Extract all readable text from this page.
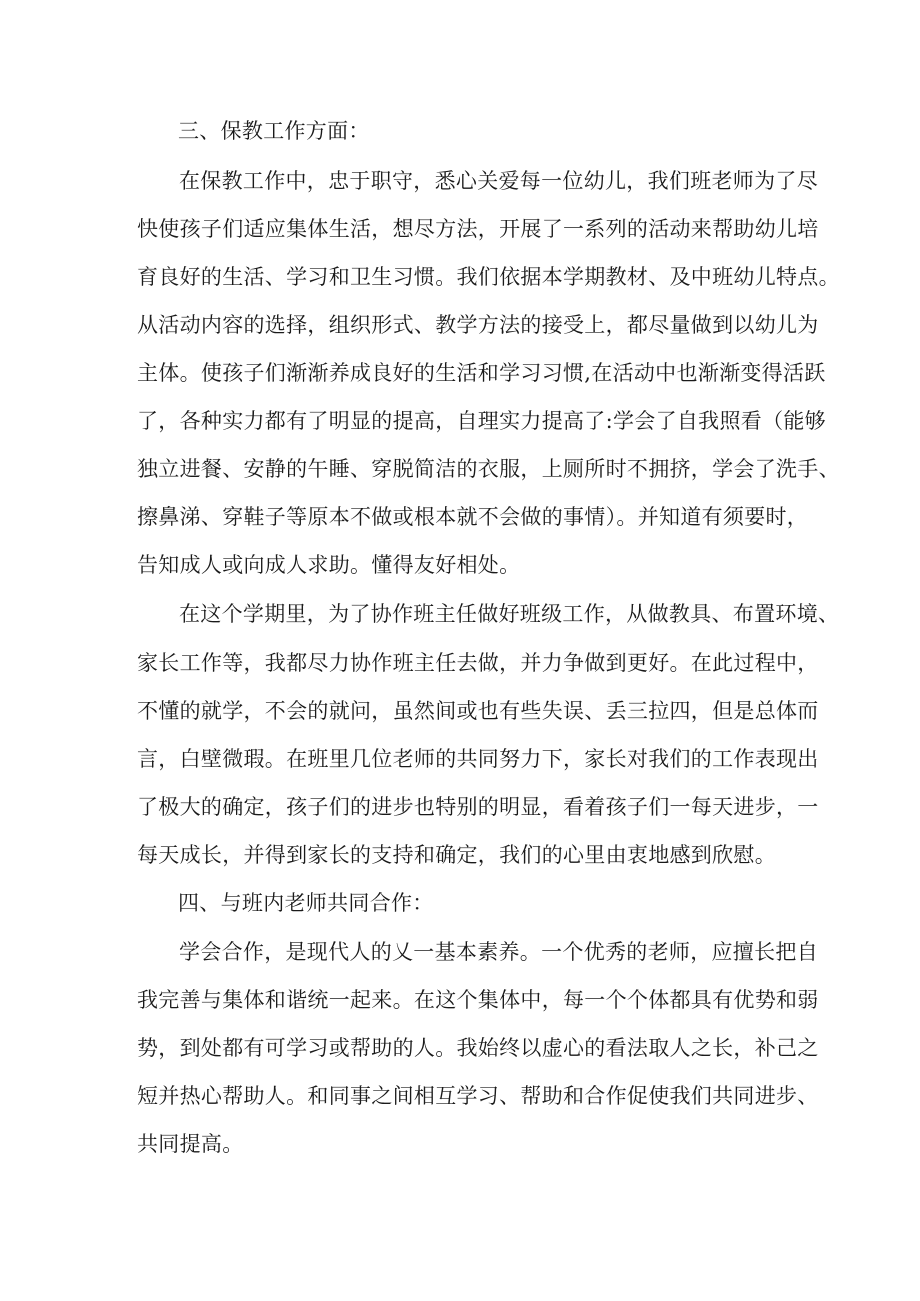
三、保教工作方面：
在保教工作中，忠于职守，悉心关爱每一位幼儿，我们班老师为了尽
快使孩子们适应集体生活，想尽方法，开展了一系列的活动来帮助幼儿培
育良好的生活、学习和卫生习惯。我们依据本学期教材、及中班幼儿特点。
从活动内容的选择，组织形式、教学方法的接受上，都尽量做到以幼儿为
主体。使孩子们渐渐养成良好的生活和学习习惯,在活动中也渐渐变得活跃
了，各种实力都有了明显的提高，自理实力提高了:学会了自我照看（能够
独立进餐、安静的午睡、穿脱简洁的衣服，上厕所时不拥挤，学会了洗手、
擦鼻涕、穿鞋子等原本不做或根本就不会做的事情）。并知道有须要时，
告知成人或向成人求助。懂得友好相处。
在这个学期里，为了协作班主任做好班级工作，从做教具、布置环境、
家长工作等，我都尽力协作班主任去做，并力争做到更好。在此过程中，
不懂的就学，不会的就问，虽然间或也有些失误、丢三拉四，但是总体而
言，白壁微瑕。在班里几位老师的共同努力下，家长对我们的工作表现出
了极大的确定，孩子们的进步也特别的明显，看着孩子们一每天进步，一
每天成长，并得到家长的支持和确定，我们的心里由衷地感到欣慰。
四、与班内老师共同合作：
学会合作，是现代人的乂一基本素养。一个优秀的老师，应擅长把自
我完善与集体和谐统一起来。在这个集体中，每一个个体都具有优势和弱
势，到处都有可学习或帮助的人。我始终以虚心的看法取人之长，补己之
短并热心帮助人。和同事之间相互学习、帮助和合作促使我们共同进步、
共同提高。
